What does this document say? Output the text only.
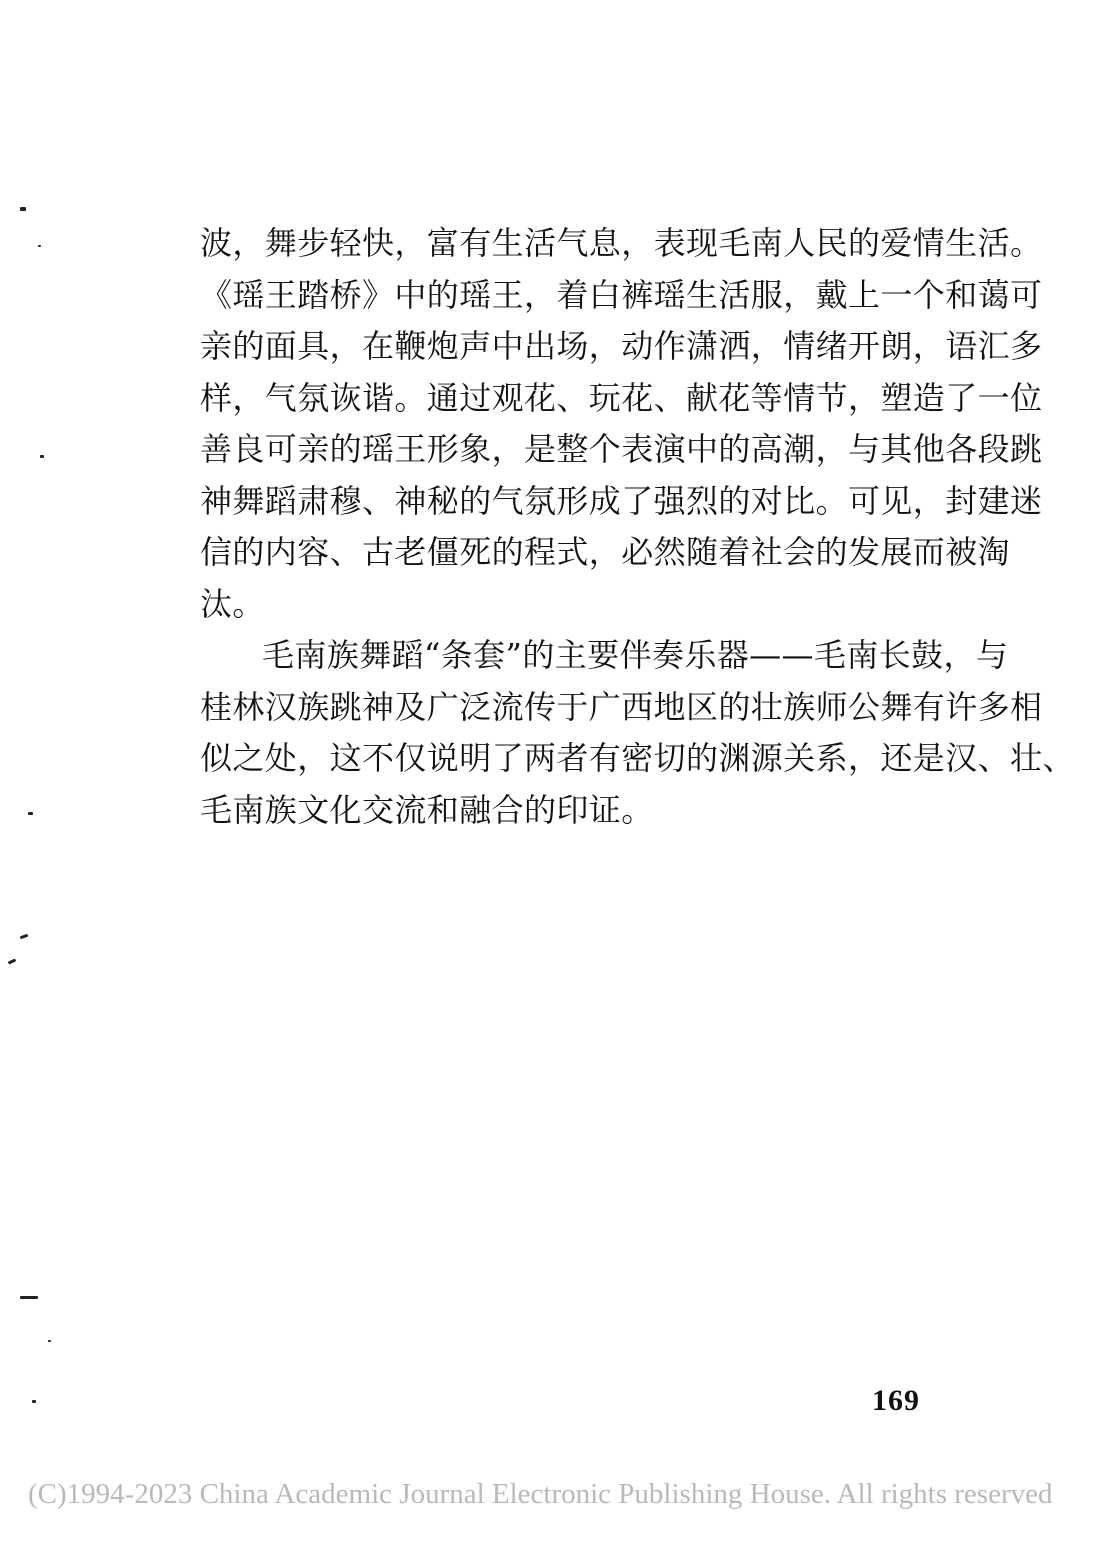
波，舞步轻快，富有生活气息，表现毛南人民的爱情生活。
《瑶王踏桥》中的瑶王，着白裤瑶生活服，戴上一个和蔼可
亲的面具，在鞭炮声中出场，动作潇洒，情绪开朗，语汇多
样，气氛诙谐。通过观花、玩花、献花等情节，塑造了一位
善良可亲的瑶王形象，是整个表演中的高潮，与其他各段跳
神舞蹈肃穆、神秘的气氛形成了强烈的对比。可见，封建迷
信的内容、古老僵死的程式，必然随着社会的发展而被淘
汰。
毛南族舞蹈“条套”的主要伴奏乐器——毛南长鼓，与
桂林汉族跳神及广泛流传于广西地区的壮族师公舞有许多相
似之处，这不仅说明了两者有密切的渊源关系，还是汉、壮、
毛南族文化交流和融合的印证。
169
(C)1994-2023 China Academic Journal Electronic Publishing House. All rights reserved
